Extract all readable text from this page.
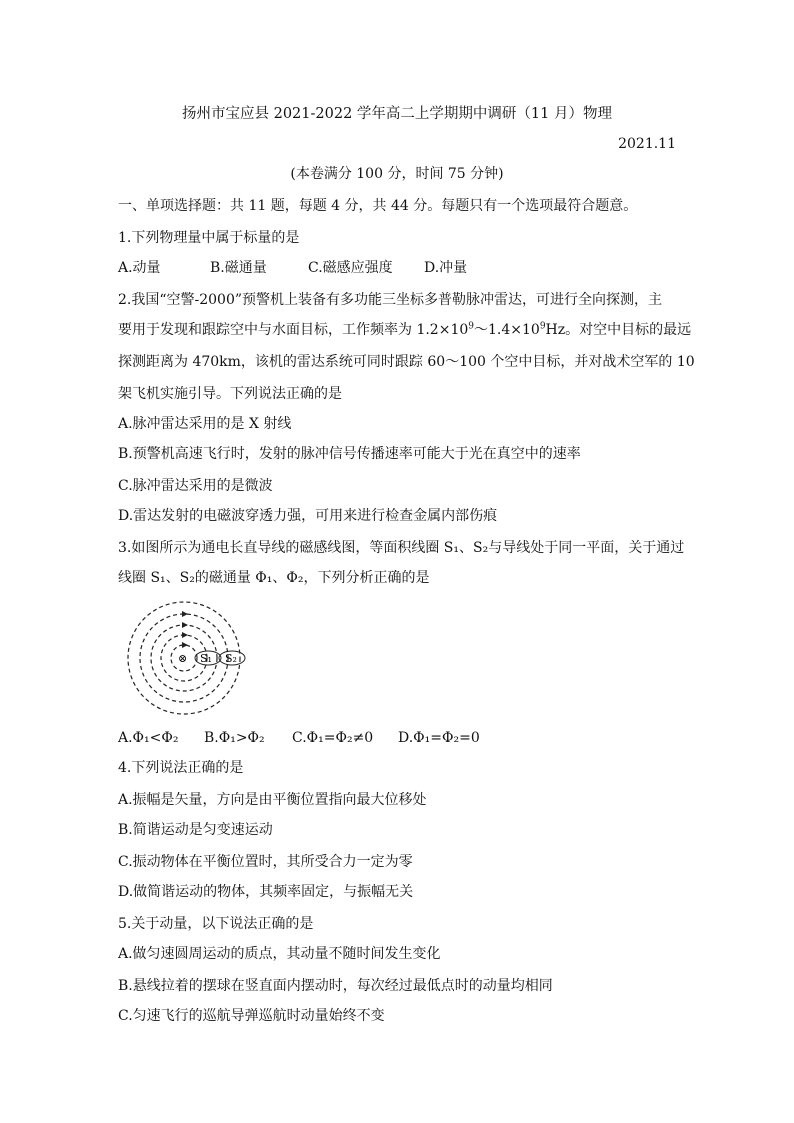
扬州市宝应县 2021-2022 学年高二上学期期中调研（11 月）物理
2021.11
(本卷满分 100 分，时间 75 分钟)
一、单项选择题：共 11 题，每题 4 分，共 44 分。每题只有一个选项最符合题意。
1.下列物理量中属于标量的是
A.动量	B.磁通量	C.磁感应强度 D.冲量
2.我国“空警-2000”预警机上装备有多功能三坐标多普勒脉冲雷达，可进行全向探测，主
要用于发现和跟踪空中与水面目标，工作频率为 $1.2\times 10^9\sim 1.4\times 10^9Hz$。对空中目标的最远
探测距离为 470km，该机的雷达系统可同时跟踪 60～100 个空中目标，并对战术空军的 10
架飞机实施引导。下列说法正确的是
A.脉冲雷达采用的是 X 射线
B.预警机高速飞行时，发射的脉冲信号传播速率可能大于光在真空中的速率
C.脉冲雷达采用的是微波
D.雷达发射的电磁波穿透力强，可用来进行检查金属内部伤痕
3.如图所示为通电长直导线的磁感线图，等面积线圈 S₁、S₂与导线处于同一平面，关于通过
线圈 S₁、S₂的磁通量 Φ₁、Φ₂，下列分析正确的是
⊗ S₁ S₂
A.Φ₁<Φ₂ B.Φ₁>Φ₂ C.Φ₁=Φ₂≠0 D.Φ₁=Φ₂=0
4.下列说法正确的是
A.振幅是矢量，方向是由平衡位置指向最大位移处
B.简谐运动是匀变速运动
C.振动物体在平衡位置时，其所受合力一定为零
D.做简谐运动的物体，其频率固定，与振幅无关
5.关于动量，以下说法正确的是
A.做匀速圆周运动的质点，其动量不随时间发生变化
B.悬线拉着的摆球在竖直面内摆动时，每次经过最低点时的动量均相同
C.匀速飞行的巡航导弹巡航时动量始终不变
